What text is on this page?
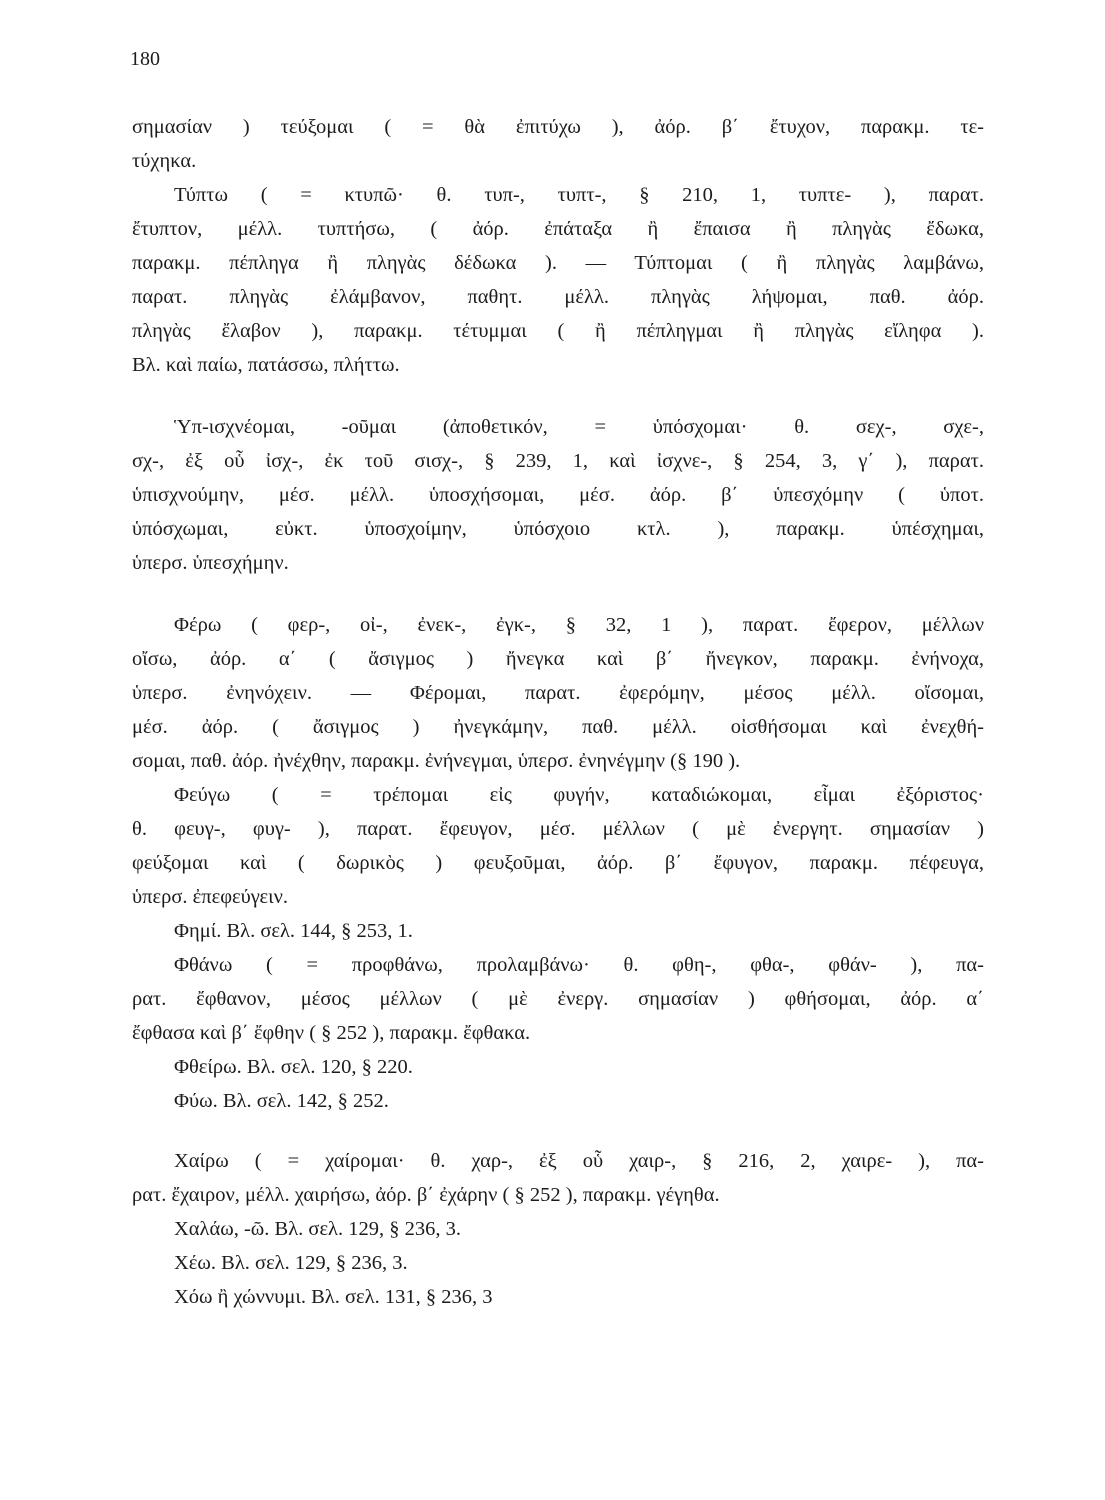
180
σημασίαν ) τεύξομαι ( = θὰ ἐπιτύχω ), ἀόρ. β΄ ἔτυχον, παρακμ. τε-
τύχηκα.
Τύπτω ( = κτυπῶ· θ. τυπ-, τυπτ-, § 210, 1, τυπτε- ), παρατ.
ἔτυπτον, μέλλ. τυπτήσω, ( ἀόρ. ἐπάταξα ἢ ἔπαισα ἢ πληγὰς ἔδωκα,
παρακμ. πέπληγα ἢ πληγὰς δέδωκα ). — Τύπτομαι ( ἢ πληγὰς λαμβάνω,
παρατ. πληγὰς ἐλάμβανον, παθητ. μέλλ. πληγὰς λήψομαι, παθ. ἀόρ.
πληγὰς ἔλαβον ), παρακμ. τέτυμμαι ( ἢ πέπληγμαι ἢ πληγὰς εἴληφα ).
Βλ. καὶ παίω, πατάσσω, πλήττω.
Ὑπ-ισχνέομαι, -οῦμαι (ἀποθετικόν, = ὑπόσχομαι· θ. σεχ-, σχε-,
σχ-, ἐξ οὗ ἰσχ-, ἐκ τοῦ σισχ-, § 239, 1, καὶ ἰσχνε-, § 254, 3, γ΄ ), παρατ.
ὑπισχνούμην, μέσ. μέλλ. ὑποσχήσομαι, μέσ. ἀόρ. β΄ ὑπεσχόμην ( ὑποτ.
ὑπόσχωμαι, εὐκτ. ὑποσχοίμην, ὑπόσχοιο κτλ. ), παρακμ. ὑπέσχημαι,
ὑπερσ. ὑπεσχήμην.
Φέρω ( φερ-, οἰ-, ἐνεκ-, ἐγκ-, § 32, 1 ), παρατ. ἔφερον, μέλλων
οἴσω, ἀόρ. α΄ ( ἄσιγμος ) ἤνεγκα καὶ β΄ ἤνεγκον, παρακμ. ἐνήνοχα,
ὑπερσ. ἐνηνόχειν. — Φέρομαι, παρατ. ἐφερόμην, μέσος μέλλ. οἴσομαι,
μέσ. ἀόρ. ( ἄσιγμος ) ἠνεγκάμην, παθ. μέλλ. οἰσθήσομαι καὶ ἐνεχθή-
σομαι, παθ. ἀόρ. ἠνέχθην, παρακμ. ἐνήνεγμαι, ὑπερσ. ἐνηνέγμην (§ 190 ).
Φεύγω ( = τρέπομαι εἰς φυγήν, καταδιώκομαι, εἶμαι ἐξόριστος·
θ. φευγ-, φυγ- ), παρατ. ἔφευγον, μέσ. μέλλων ( μὲ ἐνεργητ. σημασίαν )
φεύξομαι καὶ ( δωρικὸς ) φευξοῦμαι, ἀόρ. β΄ ἔφυγον, παρακμ. πέφευγα,
ὑπερσ. ἐπεφεύγειν.
Φημί. Βλ. σελ. 144, § 253, 1.
Φθάνω ( = προφθάνω, προλαμβάνω· θ. φθη-, φθα-, φθάν- ), πα-
ρατ. ἔφθανον, μέσος μέλλων ( μὲ ἐνεργ. σημασίαν ) φθήσομαι, ἀόρ. α΄
ἔφθασα καὶ β΄ ἔφθην ( § 252 ), παρακμ. ἔφθακα.
Φθείρω. Βλ. σελ. 120, § 220.
Φύω. Βλ. σελ. 142, § 252.
Χαίρω ( = χαίρομαι· θ. χαρ-, ἐξ οὗ χαιρ-, § 216, 2, χαιρε- ), πα-
ρατ. ἔχαιρον, μέλλ. χαιρήσω, ἀόρ. β΄ ἐχάρην ( § 252 ), παρακμ. γέγηθα.
Χαλάω, -ῶ. Βλ. σελ. 129, § 236, 3.
Χέω. Βλ. σελ. 129, § 236, 3.
Χόω ἢ χώννυμι. Βλ. σελ. 131, § 236, 3
